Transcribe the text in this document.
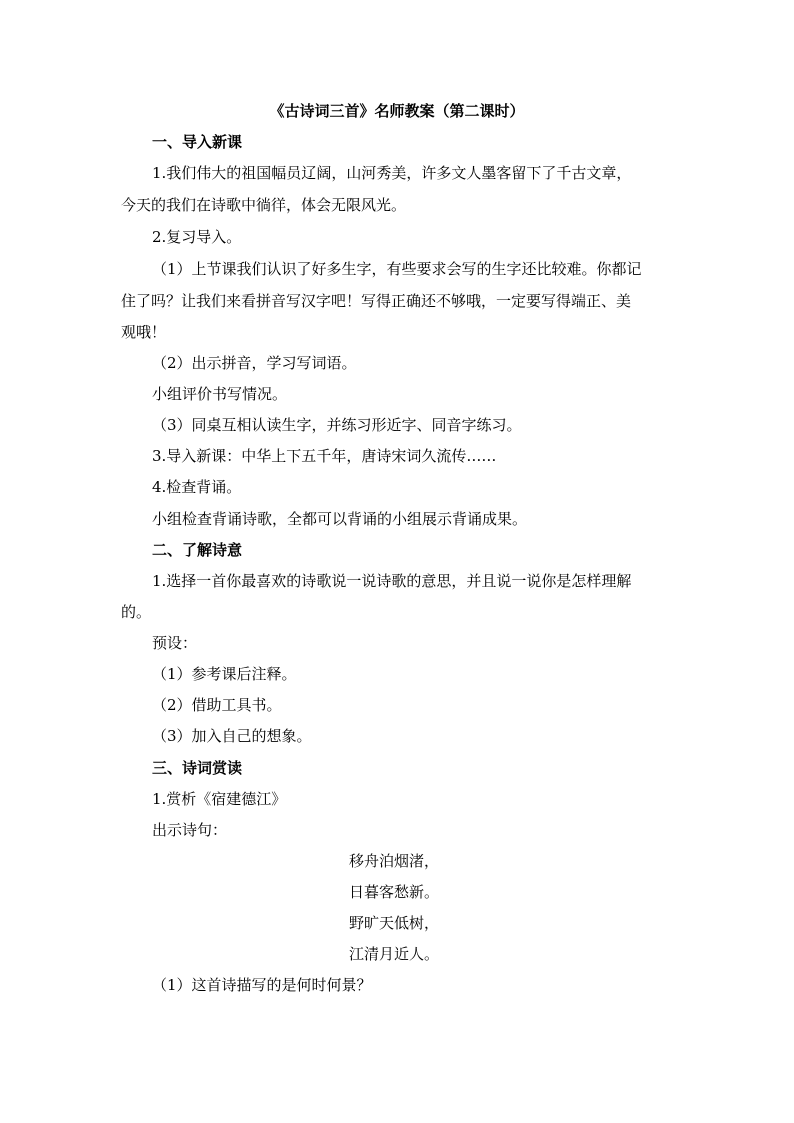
《古诗词三首》名师教案（第二课时）
一、导入新课
1.我们伟大的祖国幅员辽阔，山河秀美，许多文人墨客留下了千古文章，
今天的我们在诗歌中徜徉，体会无限风光。
2.复习导入。
（1）上节课我们认识了好多生字，有些要求会写的生字还比较难。你都记
住了吗？让我们来看拼音写汉字吧！写得正确还不够哦，一定要写得端正、美
观哦！
（2）出示拼音，学习写词语。
小组评价书写情况。
（3）同桌互相认读生字，并练习形近字、同音字练习。
3.导入新课：中华上下五千年，唐诗宋词久流传……
4.检查背诵。
小组检查背诵诗歌，全都可以背诵的小组展示背诵成果。
二、了解诗意
1.选择一首你最喜欢的诗歌说一说诗歌的意思，并且说一说你是怎样理解
的。
预设：
（1）参考课后注释。
（2）借助工具书。
（3）加入自己的想象。
三、诗词赏读
1.赏析《宿建德江》
出示诗句：
移舟泊烟渚，
日暮客愁新。
野旷天低树，
江清月近人。
（1）这首诗描写的是何时何景？
